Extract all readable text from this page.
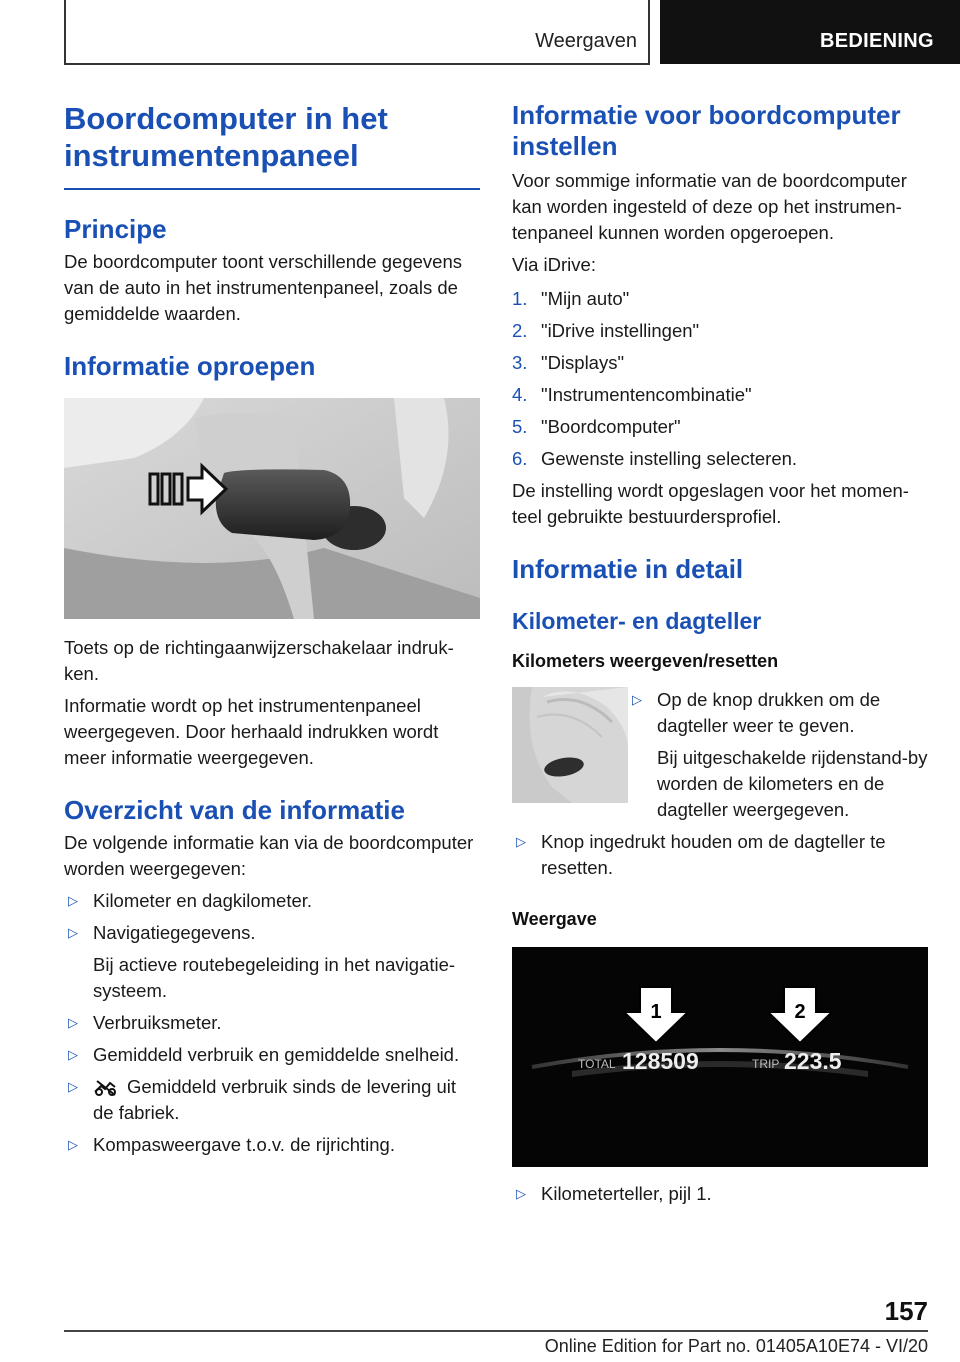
Weergaven	BEDIENING
Boordcomputer in het
instrumentenpaneel
Principe

De boordcomputer toont verschillende gegevens van de auto in het instrumentenpaneel, zoals de gemiddelde waarden.

Informatie oproepen

Toets op de richtingaanwijzerschakelaar indrukken.

Informatie wordt op het instrumentenpaneel weergegeven. Door herhaald indrukken wordt meer informatie weergegeven.

Overzicht van de informatie

De volgende informatie kan via de boordcomputer worden weergegeven:

▷ Kilometer en dagkilometer.
▷ Navigatiegegevens.
Bij actieve routebegeleiding in het navigatiesysteem.
▷ Verbruiksmeter.
▷ Gemiddeld verbruik en gemiddelde snelheid.
▷	Gemiddeld verbruik sinds de levering uit de fabriek.
▷ Kompasweergave t.o.v. de rijrichting.
Informatie voor boordcomputer instellen

Voor sommige informatie van de boordcomputer kan worden ingesteld of deze op het instrumentenpaneel kunnen worden opgeroepen.

Via iDrive:

1. "Mijn auto"
2. "iDrive instellingen"
3. "Displays"
4. "Instrumentencombinatie"
5. "Boordcomputer"
6. Gewenste instelling selecteren.

De instelling wordt opgeslagen voor het momenteel gebruikte bestuurdersprofiel.

Informatie in detail
Kilometer- en dagteller
Kilometers weergeven/resetten
▷ Op de knop drukken om de dagteller weer te geven.
Bij uitgeschakelde rijdenstand-by worden de kilometers en de dagteller weergegeven.
▷ Knop ingedrukt houden om de dagteller te resetten.
Weergave
1	2
TOTAL 128509	TRIP 223.5
▷ Kilometerteller, pijl 1.
157
Online Edition for Part no. 01405A10E74 - VI/20
